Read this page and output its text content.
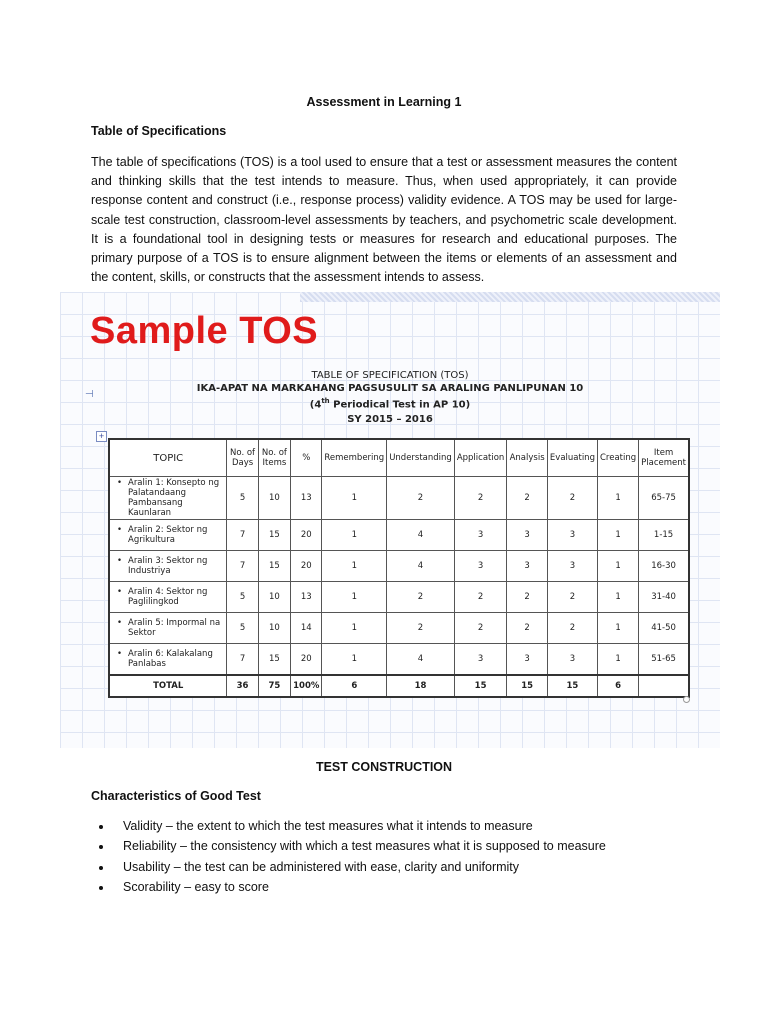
Assessment in Learning 1
Table of Specifications

The table of specifications (TOS) is a tool used to ensure that a test or assessment measures the content and thinking skills that the test intends to measure. Thus, when used appropriately, it can provide response content and construct (i.e., response process) validity evidence. A TOS may be used for large-scale test construction, classroom-level assessments by teachers, and psychometric scale development. It is a foundational tool in designing tests or measures for research and educational purposes. The primary purpose of a TOS is to ensure alignment between the items or elements of an assessment and the content, skills, or constructs that the assessment intends to assess.

Sample TOS
TABLE OF SPECIFICATION (TOS)
IKA-APAT NA MARKAHANG PAGSUSULIT SA ARALING PANLIPUNAN 10
(4th Periodical Test in AP 10)
SY 2015 – 2016
⊣
+
TOPIC	No. of Days	No. of Items	%	Remembering	Understanding	Application	Analysis	Evaluating	Creating	Item Placement
• Aralin 1: Konsepto ng Palatandaang Pambansang Kaunlaran	5	10	13	1	2	2	2	2	1	65-75
• Aralin 2: Sektor ng Agrikultura	7	15	20	1	4	3	3	3	1	1-15
• Aralin 3: Sektor ng Industriya	7	15	20	1	4	3	3	3	1	16-30
• Aralin 4: Sektor ng Paglilingkod	5	10	13	1	2	2	2	2	1	31-40
• Aralin 5: Impormal na Sektor	5	10	14	1	2	2	2	2	1	41-50
• Aralin 6: Kalakalang Panlabas	7	15	20	1	4	3	3	3	1	51-65
TOTAL	36	75	100%	6	18	15	15	15	6	
TEST CONSTRUCTION
Characteristics of Good Test
• Validity – the extent to which the test measures what it intends to measure
• Reliability – the consistency with which a test measures what it is supposed to measure
• Usability – the test can be administered with ease, clarity and uniformity
• Scorability – easy to score
